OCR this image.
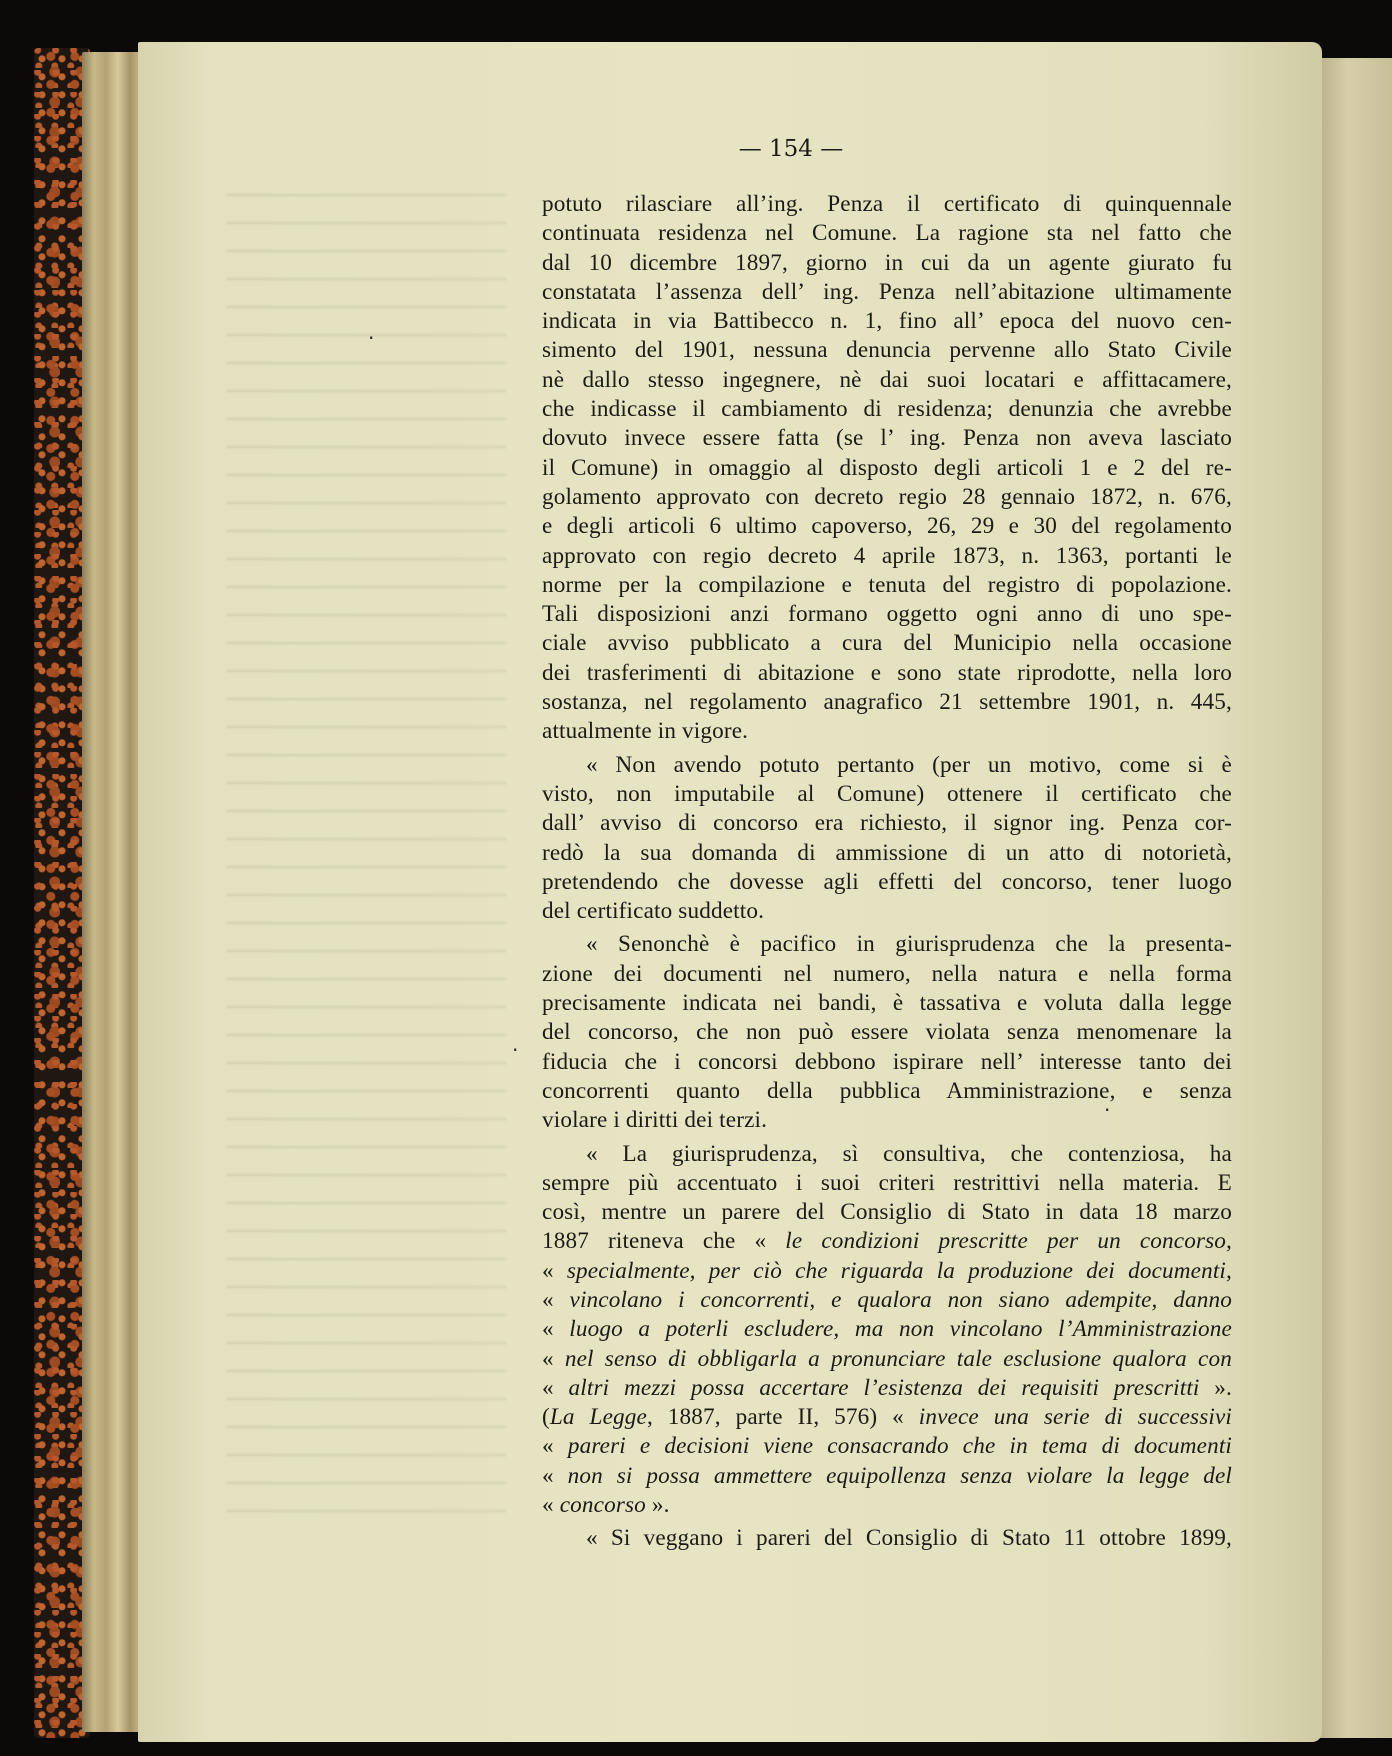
— 154 —
potuto rilasciare all’ing. Penza il certificato di quinquennale
continuata residenza nel Comune. La ragione sta nel fatto che
dal 10 dicembre 1897, giorno in cui da un agente giurato fu
constatata l’assenza dell’ ing. Penza nell’abitazione ultimamente
indicata in via Battibecco n. 1, fino all’ epoca del nuovo cen-
simento del 1901, nessuna denuncia pervenne allo Stato Civile
nè dallo stesso ingegnere, nè dai suoi locatari e affittacamere,
che indicasse il cambiamento di residenza; denunzia che avrebbe
dovuto invece essere fatta (se l’ ing. Penza non aveva lasciato
il Comune) in omaggio al disposto degli articoli 1 e 2 del re-
golamento approvato con decreto regio 28 gennaio 1872, n. 676,
e degli articoli 6 ultimo capoverso, 26, 29 e 30 del regolamento
approvato con regio decreto 4 aprile 1873, n. 1363, portanti le
norme per la compilazione e tenuta del registro di popolazione.
Tali disposizioni anzi formano oggetto ogni anno di uno spe-
ciale avviso pubblicato a cura del Municipio nella occasione
dei trasferimenti di abitazione e sono state riprodotte, nella loro
sostanza, nel regolamento anagrafico 21 settembre 1901, n. 445,
attualmente in vigore.
« Non avendo potuto pertanto (per un motivo, come si è
visto, non imputabile al Comune) ottenere il certificato che
dall’ avviso di concorso era richiesto, il signor ing. Penza cor-
redò la sua domanda di ammissione di un atto di notorietà,
pretendendo che dovesse agli effetti del concorso, tener luogo
del certificato suddetto.
« Senonchè è pacifico in giurisprudenza che la presenta-
zione dei documenti nel numero, nella natura e nella forma
precisamente indicata nei bandi, è tassativa e voluta dalla legge
del concorso, che non può essere violata senza menomenare la
fiducia che i concorsi debbono ispirare nell’ interesse tanto dei
concorrenti quanto della pubblica Amministrazione, e senza
violare i diritti dei terzi.
« La giurisprudenza, sì consultiva, che contenziosa, ha
sempre più accentuato i suoi criteri restrittivi nella materia. E
così, mentre un parere del Consiglio di Stato in data 18 marzo
1887 riteneva che « le condizioni prescritte per un concorso,
« specialmente, per ciò che riguarda la produzione dei documenti,
« vincolano i concorrenti, e qualora non siano adempite, danno
« luogo a poterli escludere, ma non vincolano l’Amministrazione
« nel senso di obbligarla a pronunciare tale esclusione qualora con
« altri mezzi possa accertare l’esistenza dei requisiti prescritti ».
(La Legge, 1887, parte II, 576) « invece una serie di successivi
« pareri e decisioni viene consacrando che in tema di documenti
« non si possa ammettere equipollenza senza violare la legge del
« concorso ».
« Si veggano i pareri del Consiglio di Stato 11 ottobre 1899,
·
·
·
